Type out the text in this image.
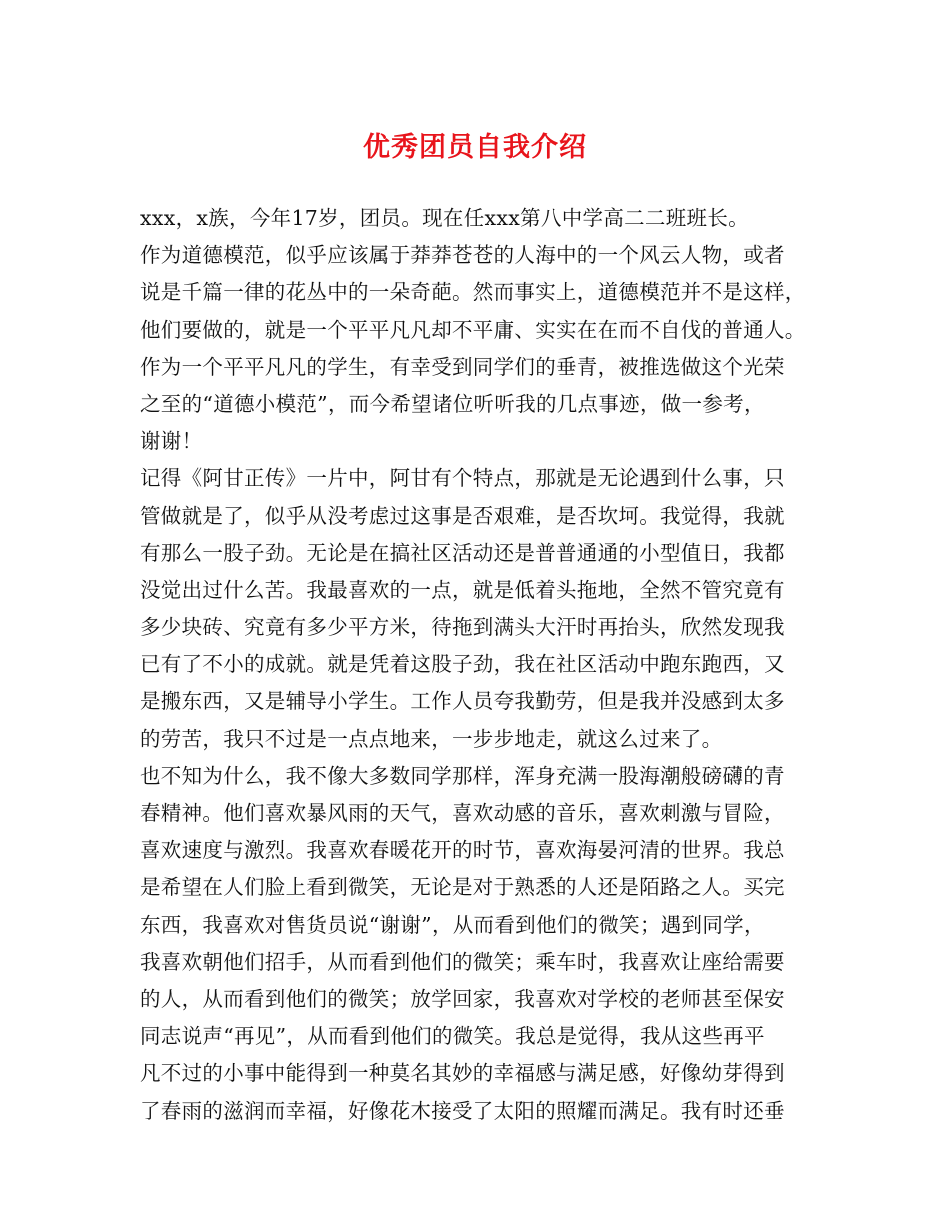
优秀团员自我介绍
xxx，x族，今年17岁，团员。现在任xxx第八中学高二二班班长。
作为道德模范，似乎应该属于莽莽苍苍的人海中的一个风云人物，或者
说是千篇一律的花丛中的一朵奇葩。然而事实上，道德模范并不是这样，
他们要做的，就是一个平平凡凡却不平庸、实实在在而不自伐的普通人。
作为一个平平凡凡的学生，有幸受到同学们的垂青，被推选做这个光荣
之至的“道德小模范”，而今希望诸位听听我的几点事迹，做一参考，
谢谢！
记得《阿甘正传》一片中，阿甘有个特点，那就是无论遇到什么事，只
管做就是了，似乎从没考虑过这事是否艰难，是否坎坷。我觉得，我就
有那么一股子劲。无论是在搞社区活动还是普普通通的小型值日，我都
没觉出过什么苦。我最喜欢的一点，就是低着头拖地，全然不管究竟有
多少块砖、究竟有多少平方米，待拖到满头大汗时再抬头，欣然发现我
已有了不小的成就。就是凭着这股子劲，我在社区活动中跑东跑西，又
是搬东西，又是辅导小学生。工作人员夸我勤劳，但是我并没感到太多
的劳苦，我只不过是一点点地来，一步步地走，就这么过来了。
也不知为什么，我不像大多数同学那样，浑身充满一股海潮般磅礴的青
春精神。他们喜欢暴风雨的天气，喜欢动感的音乐，喜欢刺激与冒险，
喜欢速度与激烈。我喜欢春暖花开的时节，喜欢海晏河清的世界。我总
是希望在人们脸上看到微笑，无论是对于熟悉的人还是陌路之人。买完
东西，我喜欢对售货员说“谢谢”，从而看到他们的微笑；遇到同学，
我喜欢朝他们招手，从而看到他们的微笑；乘车时，我喜欢让座给需要
的人，从而看到他们的微笑；放学回家，我喜欢对学校的老师甚至保安
同志说声“再见”，从而看到他们的微笑。我总是觉得，我从这些再平
凡不过的小事中能得到一种莫名其妙的幸福感与满足感，好像幼芽得到
了春雨的滋润而幸福，好像花木接受了太阳的照耀而满足。我有时还垂
